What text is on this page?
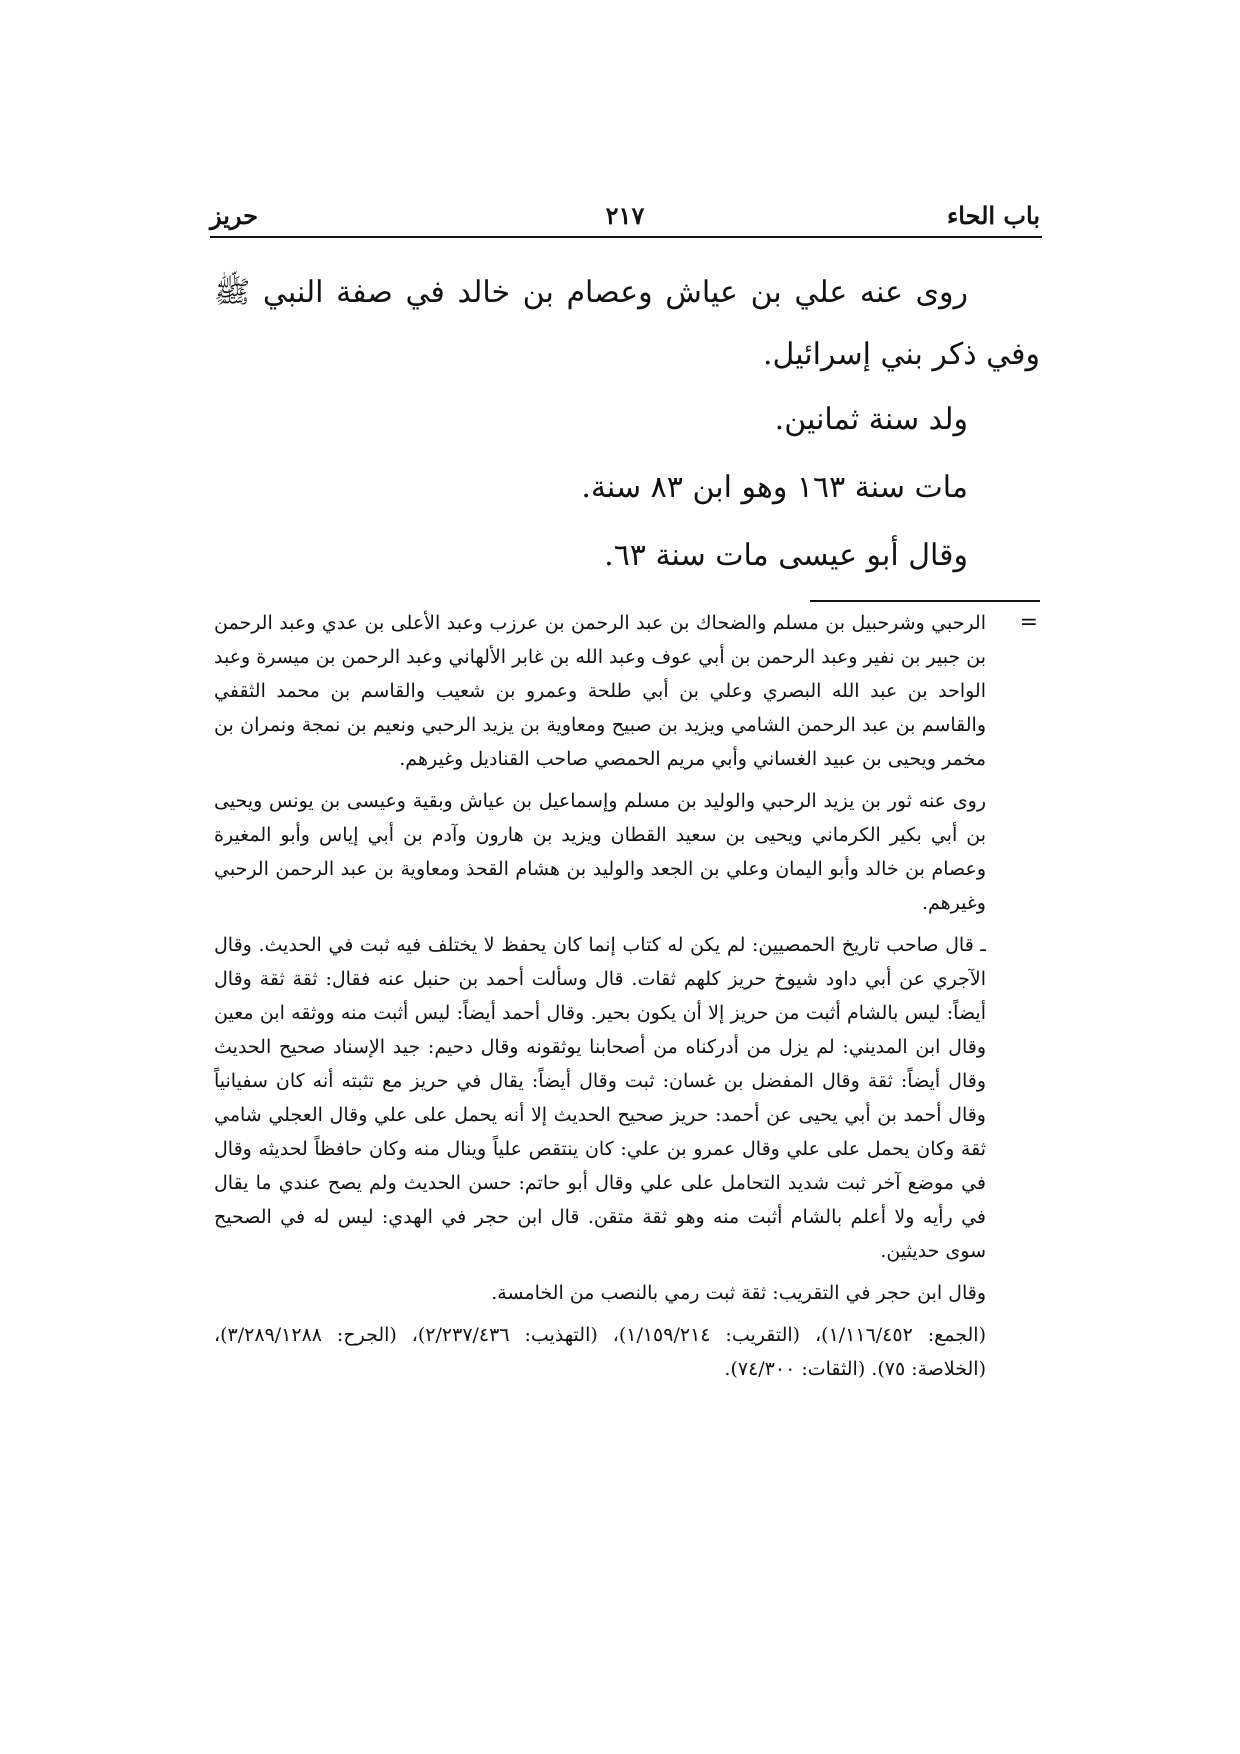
باب الحاء
٢١٧
حريز

روى عنه علي بن عياش وعصام بن خالد في صفة النبي ﷺ وفي ذكر بني إسرائيل.

ولد سنة ثمانين.

مات سنة ١٦٣ وهو ابن ٨٣ سنة.

وقال أبو عيسى مات سنة ٦٣.

=

الرحبي وشرحبيل بن مسلم والضحاك بن عبد الرحمن بن عرزب وعبد الأعلى بن عدي وعبد الرحمن بن جبير بن نفير وعبد الرحمن بن أبي عوف وعبد الله بن غابر الألهاني وعبد الرحمن بن ميسرة وعبد الواحد بن عبد الله البصري وعلي بن أبي طلحة وعمرو بن شعيب والقاسم بن محمد الثقفي والقاسم بن عبد الرحمن الشامي ويزيد بن صبيح ومعاوية بن يزيد الرحبي ونعيم بن نمجة ونمران بن مخمر ويحيى بن عبيد الغساني وأبي مريم الحمصي صاحب القناديل وغيرهم.

روى عنه ثور بن يزيد الرحبي والوليد بن مسلم وإسماعيل بن عياش وبقية وعيسى بن يونس ويحيى بن أبي بكير الكرماني ويحيى بن سعيد القطان ويزيد بن هارون وآدم بن أبي إياس وأبو المغيرة وعصام بن خالد وأبو اليمان وعلي بن الجعد والوليد بن هشام القحذ ومعاوية بن عبد الرحمن الرحبي وغيرهم.

ـ قال صاحب تاريخ الحمصيين: لم يكن له كتاب إنما كان يحفظ لا يختلف فيه ثبت في الحديث. وقال الآجري عن أبي داود شيوخ حريز كلهم ثقات. قال وسألت أحمد بن حنبل عنه فقال: ثقة ثقة وقال أيضاً: ليس بالشام أثبت من حريز إلا أن يكون بحير. وقال أحمد أيضاً: ليس أثبت منه ووثقه ابن معين وقال ابن المديني: لم يزل من أدركناه من أصحابنا يوثقونه وقال دحيم: جيد الإسناد صحيح الحديث وقال أيضاً: ثقة وقال المفضل بن غسان: ثبت وقال أيضاً: يقال في حريز مع تثبته أنه كان سفيانياً وقال أحمد بن أبي يحيى عن أحمد: حريز صحيح الحديث إلا أنه يحمل على علي وقال العجلي شامي ثقة وكان يحمل على علي وقال عمرو بن علي: كان ينتقص علياً وينال منه وكان حافظاً لحديثه وقال في موضع آخر ثبت شديد التحامل على علي وقال أبو حاتم: حسن الحديث ولم يصح عندي ما يقال في رأيه ولا أعلم بالشام أثبت منه وهو ثقة متقن. قال ابن حجر في الهدي: ليس له في الصحيح سوى حديثين.

وقال ابن حجر في التقريب: ثقة ثبت رمي بالنصب من الخامسة.

(الجمع: ١/١١٦/٤٥٢)، (التقريب: ١/١٥٩/٢١٤)، (التهذيب: ٢/٢٣٧/٤٣٦)، (الجرح: ٣/٢٨٩/١٢٨٨)، (الخلاصة: ٧٥). (الثقات: ٧٤/٣٠٠).
